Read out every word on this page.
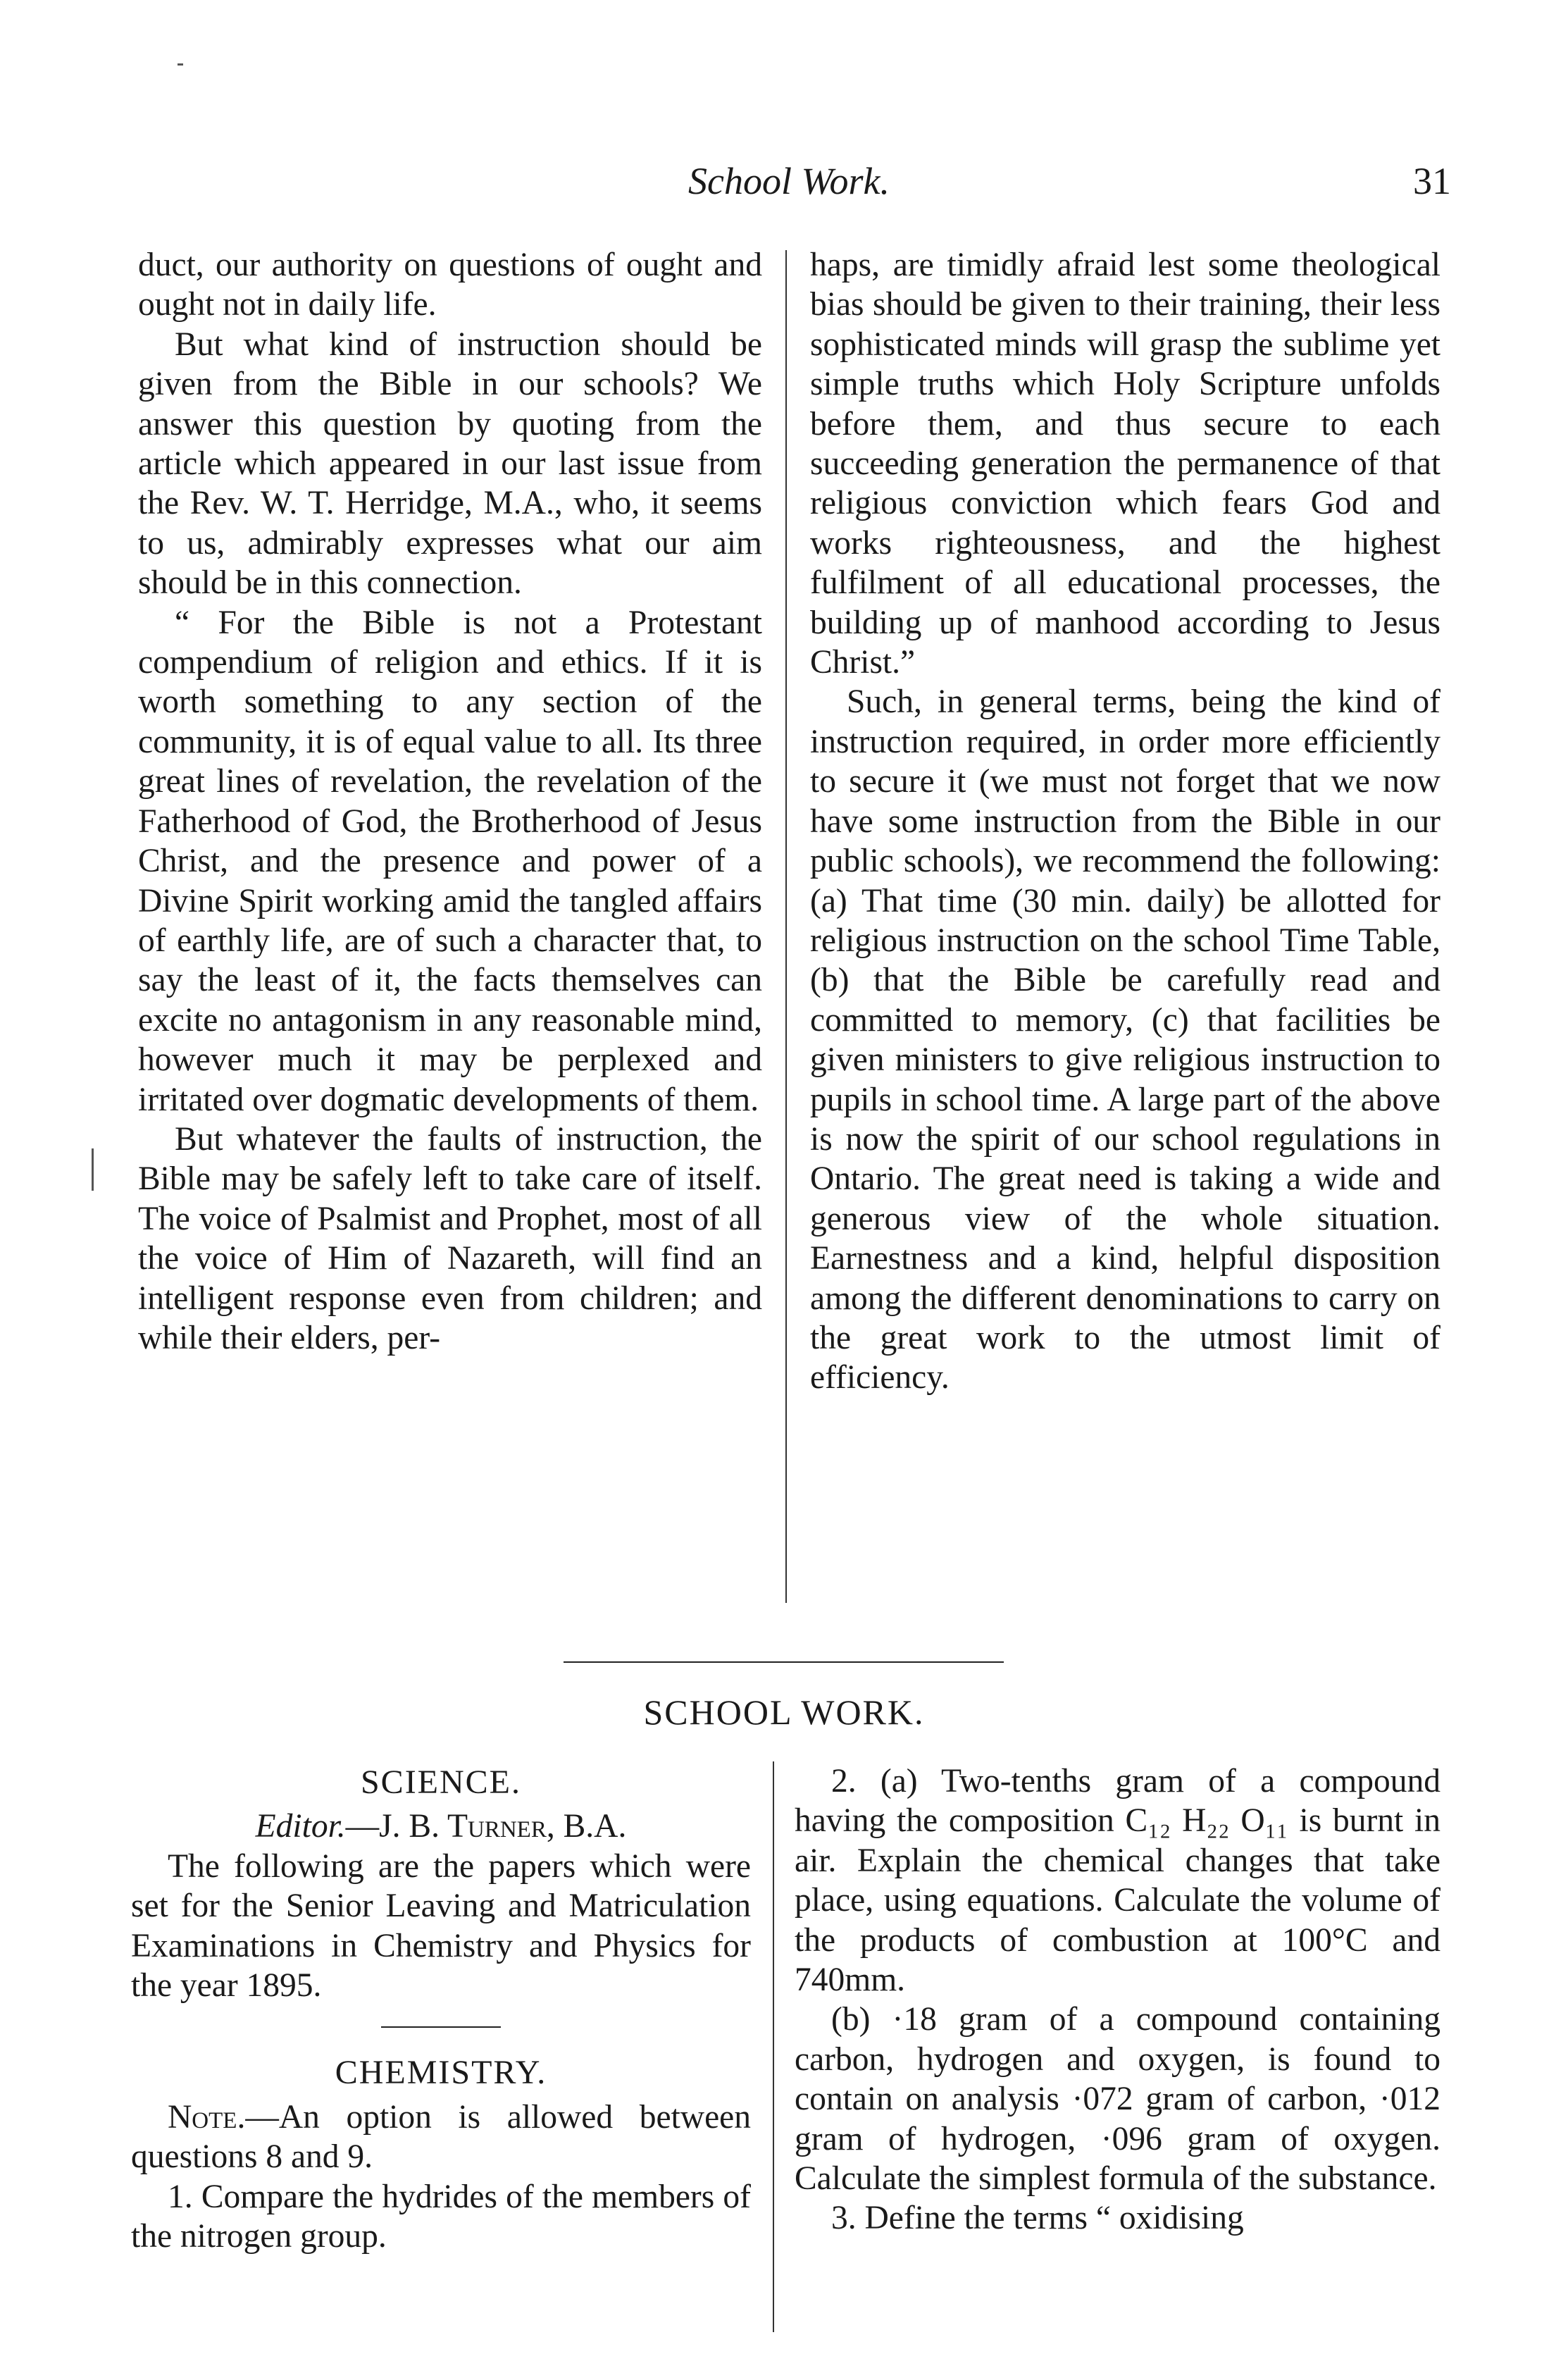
School Work.	31

duct, our authority on questions of ought and ought not in daily life.

But what kind of instruction should be given from the Bible in our schools? We answer this question by quoting from the article which appeared in our last issue from the Rev. W. T. Herridge, M.A., who, it seems to us, admirably expresses what our aim should be in this connection.

“ For the Bible is not a Protestant compendium of religion and ethics. If it is worth something to any section of the community, it is of equal value to all. Its three great lines of revelation, the revelation of the Fatherhood of God, the Brotherhood of Jesus Christ, and the presence and power of a Divine Spirit working amid the tangled affairs of earthly life, are of such a character that, to say the least of it, the facts themselves can excite no antagonism in any reasonable mind, however much it may be perplexed and irritated over dogmatic developments of them.

But whatever the faults of instruction, the Bible may be safely left to take care of itself. The voice of Psalmist and Prophet, most of all the voice of Him of Nazareth, will find an intelligent response even from children; and while their elders, per-

haps, are timidly afraid lest some theological bias should be given to their training, their less sophisticated minds will grasp the sublime yet simple truths which Holy Scripture unfolds before them, and thus secure to each succeeding generation the permanence of that religious conviction which fears God and works righteousness, and the highest fulfilment of all educational processes, the building up of manhood according to Jesus Christ.”

Such, in general terms, being the kind of instruction required, in order more efficiently to secure it (we must not forget that we now have some instruction from the Bible in our public schools), we recommend the following: (a) That time (30 min. daily) be allotted for religious instruction on the school Time Table, (b) that the Bible be carefully read and committed to memory, (c) that facilities be given ministers to give religious instruction to pupils in school time. A large part of the above is now the spirit of our school regulations in Ontario. The great need is taking a wide and generous view of the whole situation. Earnestness and a kind, helpful disposition among the different denominations to carry on the great work to the utmost limit of efficiency.

SCHOOL WORK.

SCIENCE.

Editor.—J. B. Turner, B.A.

The following are the papers which were set for the Senior Leaving and Matriculation Examinations in Chemistry and Physics for the year 1895.

CHEMISTRY.

Note.—An option is allowed between questions 8 and 9.

1. Compare the hydrides of the members of the nitrogen group.

2. (a) Two-tenths gram of a compound having the composition C₁₂ H₂₂ O₁₁ is burnt in air. Explain the chemical changes that take place, using equations. Calculate the volume of the products of combustion at 100°C and 740mm.

(b) ·18 gram of a compound containing carbon, hydrogen and oxygen, is found to contain on analysis ·072 gram of carbon, ·012 gram of hydrogen, ·096 gram of oxygen. Calculate the simplest formula of the substance.

3. Define the terms “ oxidising
